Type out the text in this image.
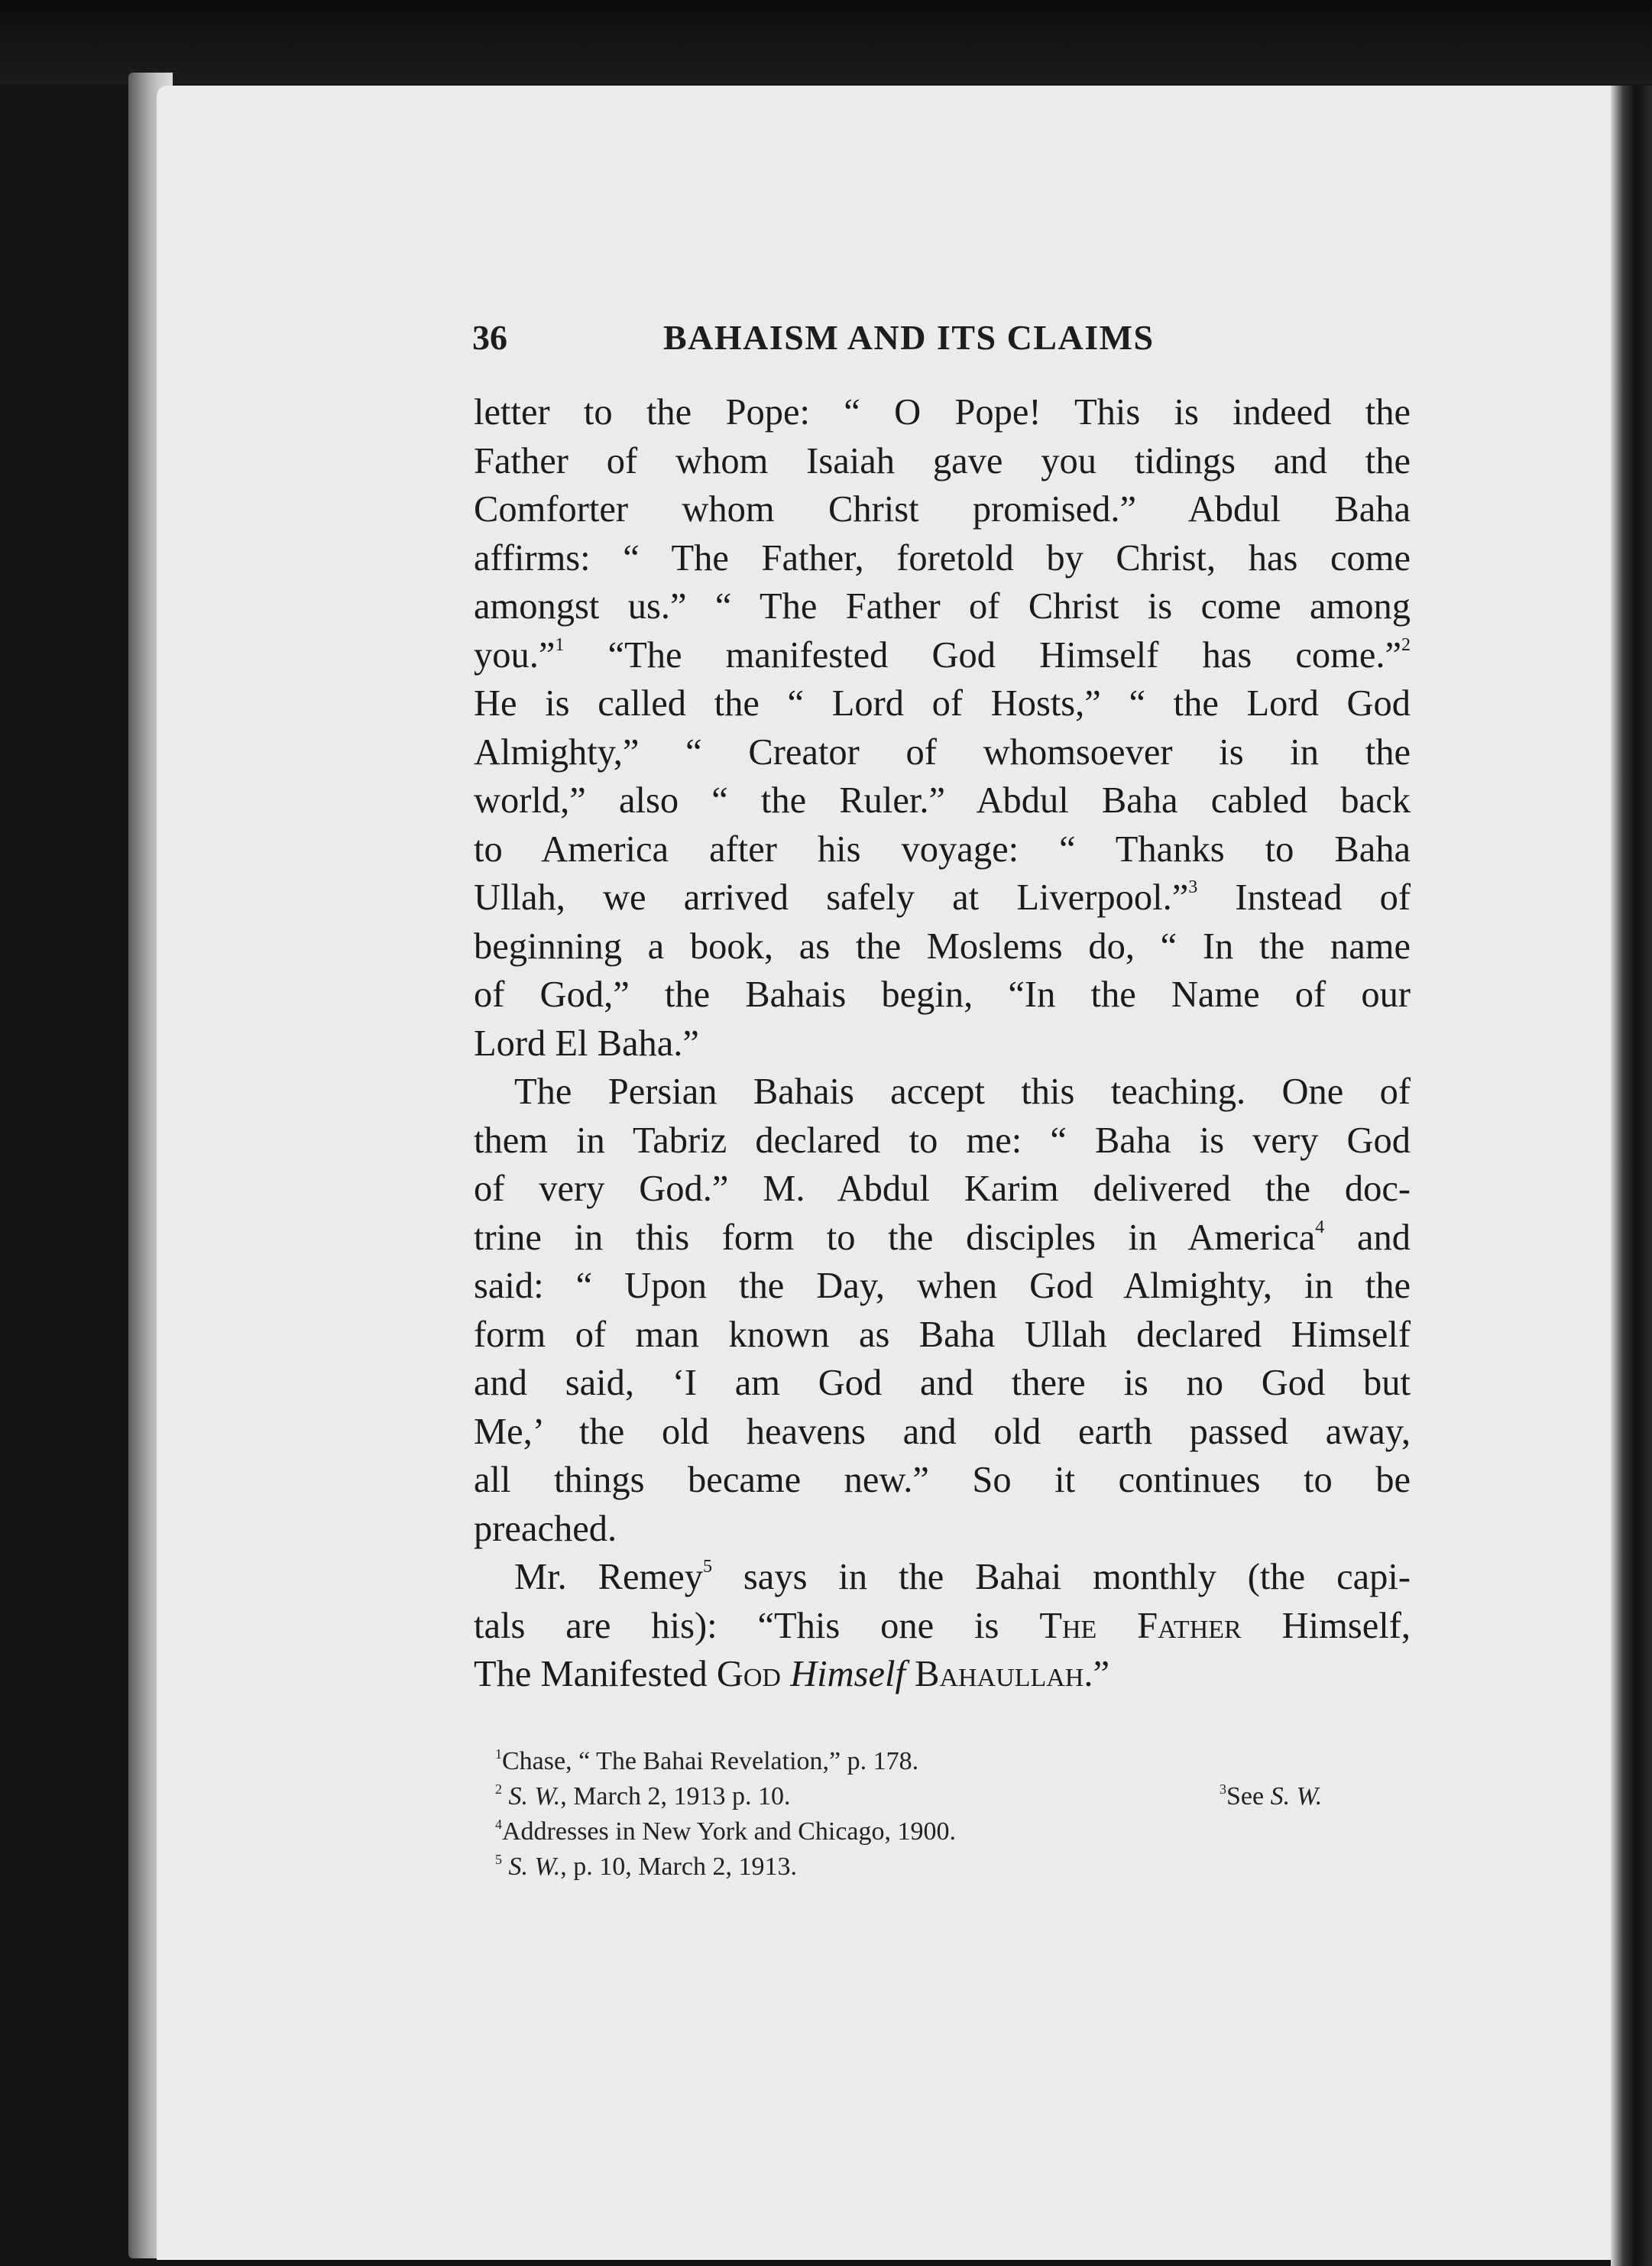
36	BAHAISM AND ITS CLAIMS
letter to the Pope: “ O Pope! This is indeed the
Father of whom Isaiah gave you tidings and the
Comforter whom Christ promised.” Abdul Baha
affirms: “ The Father, foretold by Christ, has come
amongst us.” “ The Father of Christ is come among
you.”$^1$ “The manifested God Himself has come.”$^2$
He is called the “ Lord of Hosts,” “ the Lord God
Almighty,” “ Creator of whomsoever is in the
world,” also “ the Ruler.” Abdul Baha cabled back
to America after his voyage: “ Thanks to Baha
Ullah, we arrived safely at Liverpool.”$^3$ Instead of
beginning a book, as the Moslems do, “ In the name
of God,” the Bahais begin, “In the Name of our
Lord El Baha.”
The Persian Bahais accept this teaching. One of
them in Tabriz declared to me: “ Baha is very God
of very God.” M. Abdul Karim delivered the doc-
trine in this form to the disciples in America$^4$ and
said: “ Upon the Day, when God Almighty, in the
form of man known as Baha Ullah declared Himself
and said, ‘I am God and there is no God but
Me,’ the old heavens and old earth passed away,
all things became new.” So it continues to be
preached.
Mr. Remey$^5$ says in the Bahai monthly (the capi-
tals are his): “This one is The Father Himself,
The Manifested God Himself Bahaullah.”
$^1$Chase, “ The Bahai Revelation,” p. 178.
$^2$ S. W., March 2, 1913 p. 10.	$^3$See S. W.
$^4$Addresses in New York and Chicago, 1900.
$^5$ S. W., p. 10, March 2, 1913.
